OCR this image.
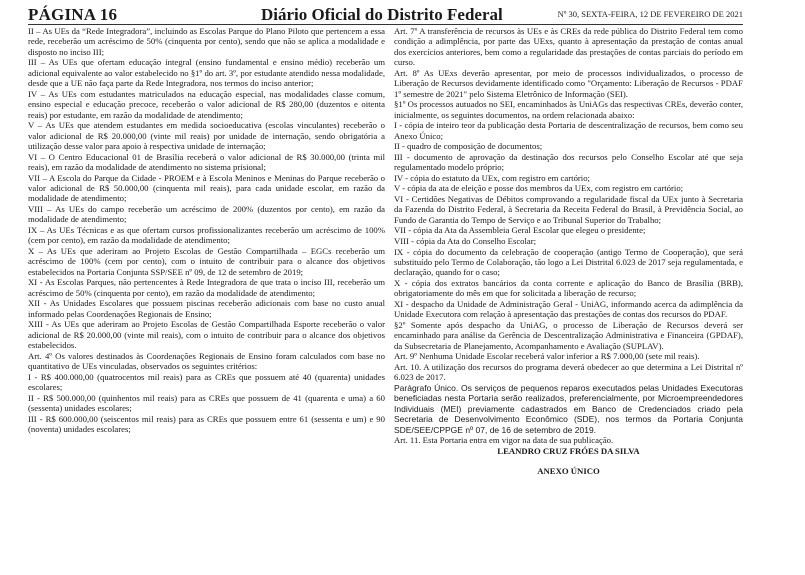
PÁGINA 16	Diário Oficial do Distrito Federal	Nº 30, SEXTA-FEIRA, 12 DE FEVEREIRO DE 2021

II – As UEs da “Rede Integradora”, incluindo as Escolas Parque do Plano Piloto que pertencem a essa rede, receberão um acréscimo de 50% (cinquenta por cento), sendo que não se aplica a modalidade e disposto no inciso III;

III – As UEs que ofertam educação integral (ensino fundamental e ensino médio) receberão um adicional equivalente ao valor estabelecido no §1º do art. 3º, por estudante atendido nessa modalidade, desde que a UE não faça parte da Rede Integradora, nos termos do inciso anterior;

IV – As UEs com estudantes matriculados na educação especial, nas modalidades classe comum, ensino especial e educação precoce, receberão o valor adicional de R$ 280,00 (duzentos e oitenta reais) por estudante, em razão da modalidade de atendimento;

V – As UEs que atendem estudantes em medida socioeducativa (escolas vinculantes) receberão o valor adicional de R$ 20.000,00 (vinte mil reais) por unidade de internação, sendo obrigatória a utilização desse valor para apoio à respectiva unidade de internação;

VI – O Centro Educacional 01 de Brasília receberá o valor adicional de R$ 30.000,00 (trinta mil reais), em razão da modalidade de atendimento no sistema prisional;

VII – A Escola do Parque da Cidade - PROEM e à Escola Meninos e Meninas do Parque receberão o valor adicional de R$ 50.000,00 (cinquenta mil reais), para cada unidade escolar, em razão da modalidade de atendimento;

VIII – As UEs do campo receberão um acréscimo de 200% (duzentos por cento), em razão da modalidade de atendimento;

IX – As UEs Técnicas e as que ofertam cursos profissionalizantes receberão um acréscimo de 100% (cem por cento), em razão da modalidade de atendimento;

X – As UEs que aderiram ao Projeto Escolas de Gestão Compartilhada – EGCs receberão um acréscimo de 100% (cem por cento), com o intuito de contribuir para o alcance dos objetivos estabelecidos na Portaria Conjunta SSP/SEE nº 09, de 12 de setembro de 2019;

XI - As Escolas Parques, não pertencentes à Rede Integradora de que trata o inciso III, receberão um acréscimo de 50% (cinquenta por cento), em razão da modalidade de atendimento;

XII - As Unidades Escolares que possuem piscinas receberão adicionais com base no custo anual informado pelas Coordenações Regionais de Ensino;

XIII - As UEs que aderiram ao Projeto Escolas de Gestão Compartilhada Esporte receberão o valor adicional de R$ 20.000,00 (vinte mil reais), com o intuito de contribuir para o alcance dos objetivos estabelecidos.

Art. 4º Os valores destinados às Coordenações Regionais de Ensino foram calculados com base no quantitativo de UEs vinculadas, observados os seguintes critérios:

I - R$ 400.000,00 (quatrocentos mil reais) para as CREs que possuem até 40 (quarenta) unidades escolares;

II - R$ 500.000,00 (quinhentos mil reais) para as CREs que possuem de 41 (quarenta e uma) a 60 (sessenta) unidades escolares;

III - R$ 600.000,00 (seiscentos mil reais) para as CREs que possuem entre 61 (sessenta e um) e 90 (noventa) unidades escolares;

Art. 7º A transferência de recursos às UEs e às CREs da rede pública do Distrito Federal tem como condição a adimplência, por parte das UExs, quanto à apresentação da prestação de contas anual dos exercícios anteriores, bem como a regularidade das prestações de contas parciais do período em curso.

Art. 8º As UExs deverão apresentar, por meio de processos individualizados, o processo de Liberação de Recursos devidamente identificado como "Orçamento: Liberação de Recursos - PDAF 1º semestre de 2021" pelo Sistema Eletrônico de Informação (SEI).

§1º Os processos autuados no SEI, encaminhados às UniAGs das respectivas CREs, deverão conter, inicialmente, os seguintes documentos, na ordem relacionada abaixo:

I - cópia de inteiro teor da publicação desta Portaria de descentralização de recursos, bem como seu Anexo Único;

II - quadro de composição de documentos;

III - documento de aprovação da destinação dos recursos pelo Conselho Escolar até que seja regulamentado modelo próprio;

IV - cópia do estatuto da UEx, com registro em cartório;

V - cópia da ata de eleição e posse dos membros da UEx, com registro em cartório;

VI - Certidões Negativas de Débitos comprovando a regularidade fiscal da UEx junto à Secretaria da Fazenda do Distrito Federal, à Secretaria da Receita Federal do Brasil, à Previdência Social, ao Fundo de Garantia do Tempo de Serviço e ao Tribunal Superior do Trabalho;

VII - cópia da Ata da Assembleia Geral Escolar que elegeu o presidente;

VIII - cópia da Ata do Conselho Escolar;

IX - cópia do documento da celebração de cooperação (antigo Termo de Cooperação), que será substituído pelo Termo de Colaboração, tão logo a Lei Distrital 6.023 de 2017 seja regulamentada, e declaração, quando for o caso;

X - cópia dos extratos bancários da conta corrente e aplicação do Banco de Brasília (BRB), obrigatoriamente do mês em que for solicitada a liberação de recurso;

XI - despacho da Unidade de Administração Geral - UniAG, informando acerca da adimplência da Unidade Executora com relação à apresentação das prestações de contas dos recursos do PDAF.

§2º Somente após despacho da UniAG, o processo de Liberação de Recursos deverá ser encaminhado para análise da Gerência de Descentralização Administrativa e Financeira (GPDAF), da Subsecretaria de Planejamento, Acompanhamento e Avaliação (SUPLAV).

Art. 9º Nenhuma Unidade Escolar receberá valor inferior a R$ 7.000,00 (sete mil reais).

Art. 10. A utilização dos recursos do programa deverá obedecer ao que determina a Lei Distrital nº 6.023 de 2017.

Parágrafo Único. Os serviços de pequenos reparos executados pelas Unidades Executoras beneficiadas nesta Portaria serão realizados, preferencialmente, por Microempreendedores Individuais (MEI) previamente cadastrados em Banco de Credenciados criado pela Secretaria de Desenvolvimento Econômico (SDE), nos termos da Portaria Conjunta SDE/SEE/CPPGE nº 07, de 16 de setembro de 2019.

Art. 11. Esta Portaria entra em vigor na data de sua publicação.

LEANDRO CRUZ FRÓES DA SILVA

ANEXO ÚNICO
